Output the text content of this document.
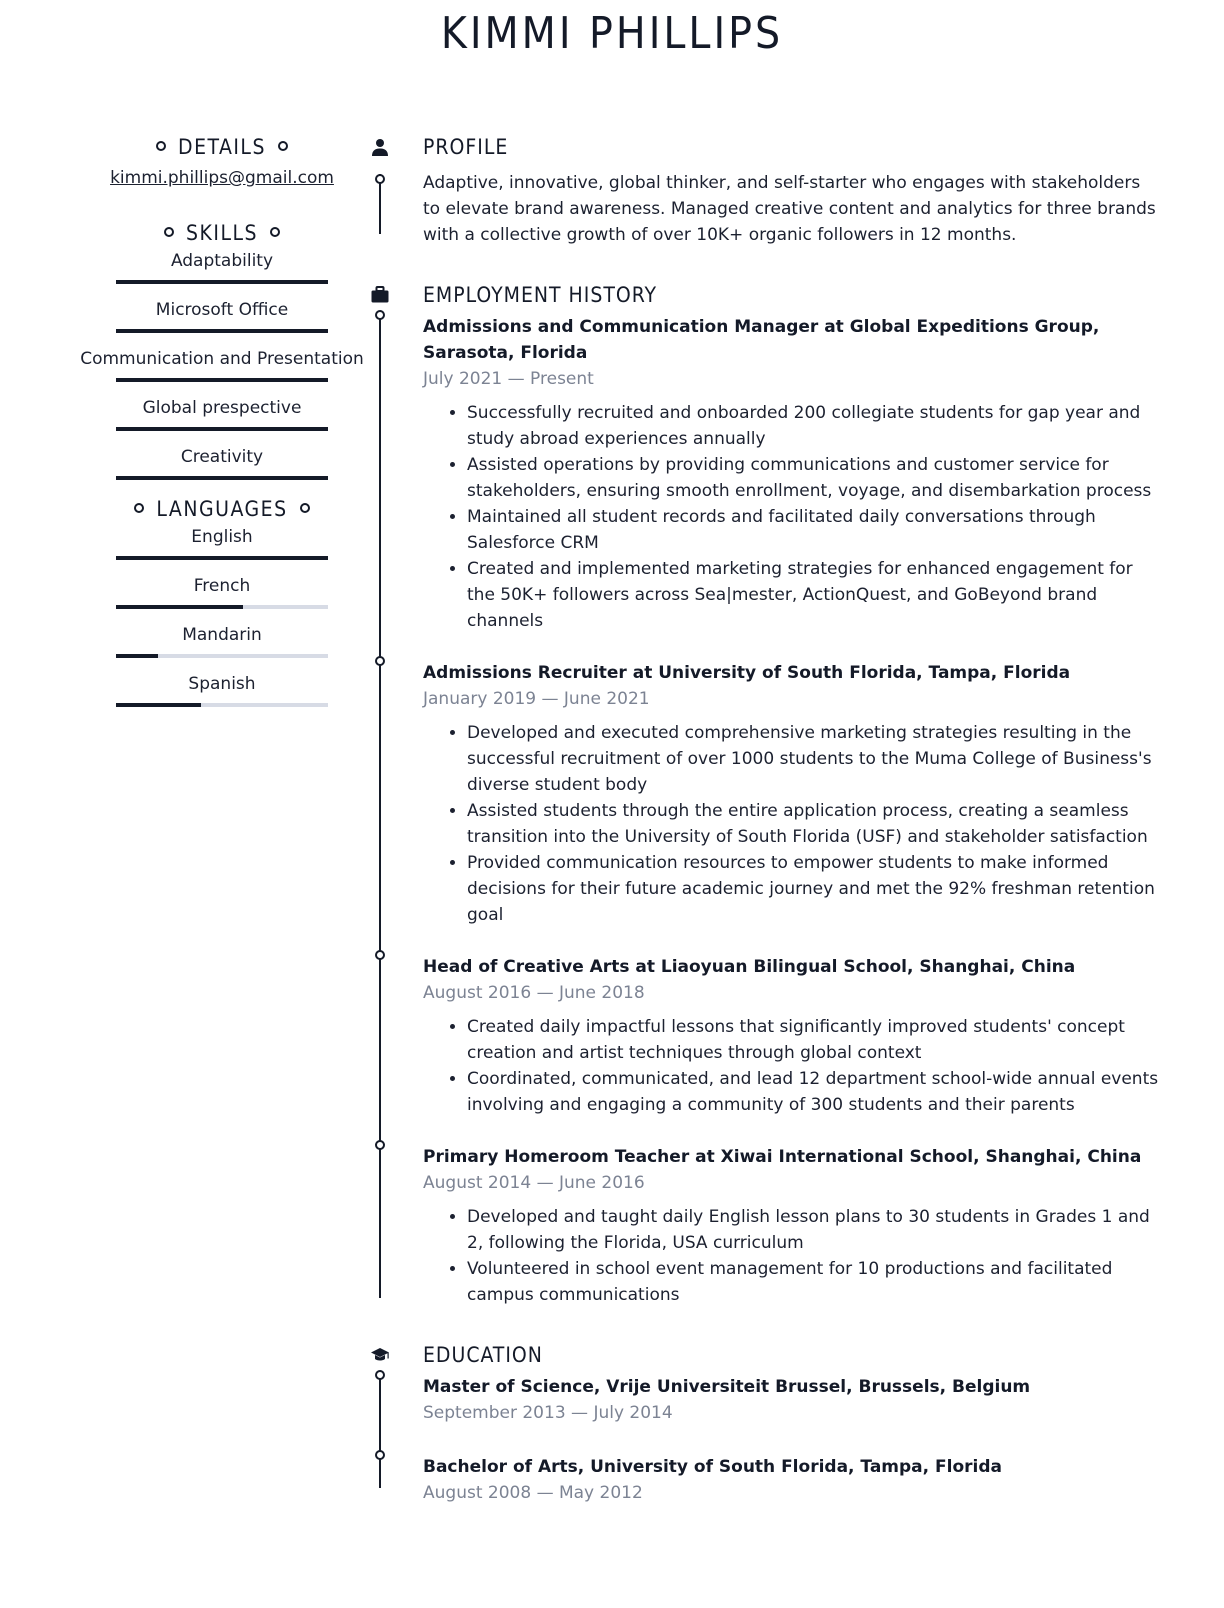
KIMMI PHILLIPS
DETAILS
kimmi.phillips@gmail.com
SKILLS
Adaptability
Microsoft Office
Communication and Presentation
Global prespective
Creativity
LANGUAGES
English
French
Mandarin
Spanish
PROFILE
Adaptive, innovative, global thinker, and self-starter who engages with stakeholders to elevate brand awareness. Managed creative content and analytics for three brands with a collective growth of over 10K+ organic followers in 12 months.
EMPLOYMENT HISTORY
Admissions and Communication Manager at Global Expeditions Group, Sarasota, Florida
July 2021 — Present
• Successfully recruited and onboarded 200 collegiate students for gap year and study abroad experiences annually
• Assisted operations by providing communications and customer service for stakeholders, ensuring smooth enrollment, voyage, and disembarkation process
• Maintained all student records and facilitated daily conversations through Salesforce CRM
• Created and implemented marketing strategies for enhanced engagement for the 50K+ followers across Sea|mester, ActionQuest, and GoBeyond brand channels
Admissions Recruiter at University of South Florida, Tampa, Florida
January 2019 — June 2021
• Developed and executed comprehensive marketing strategies resulting in the successful recruitment of over 1000 students to the Muma College of Business's diverse student body
• Assisted students through the entire application process, creating a seamless transition into the University of South Florida (USF) and stakeholder satisfaction
• Provided communication resources to empower students to make informed decisions for their future academic journey and met the 92% freshman retention goal
Head of Creative Arts at Liaoyuan Bilingual School, Shanghai, China
August 2016 — June 2018
• Created daily impactful lessons that significantly improved students' concept creation and artist techniques through global context
• Coordinated, communicated, and lead 12 department school-wide annual events involving and engaging a community of 300 students and their parents
Primary Homeroom Teacher at Xiwai International School, Shanghai, China
August 2014 — June 2016
• Developed and taught daily English lesson plans to 30 students in Grades 1 and 2, following the Florida, USA curriculum
• Volunteered in school event management for 10 productions and facilitated campus communications
EDUCATION
Master of Science, Vrije Universiteit Brussel, Brussels, Belgium
September 2013 — July 2014
Bachelor of Arts, University of South Florida, Tampa, Florida
August 2008 — May 2012
